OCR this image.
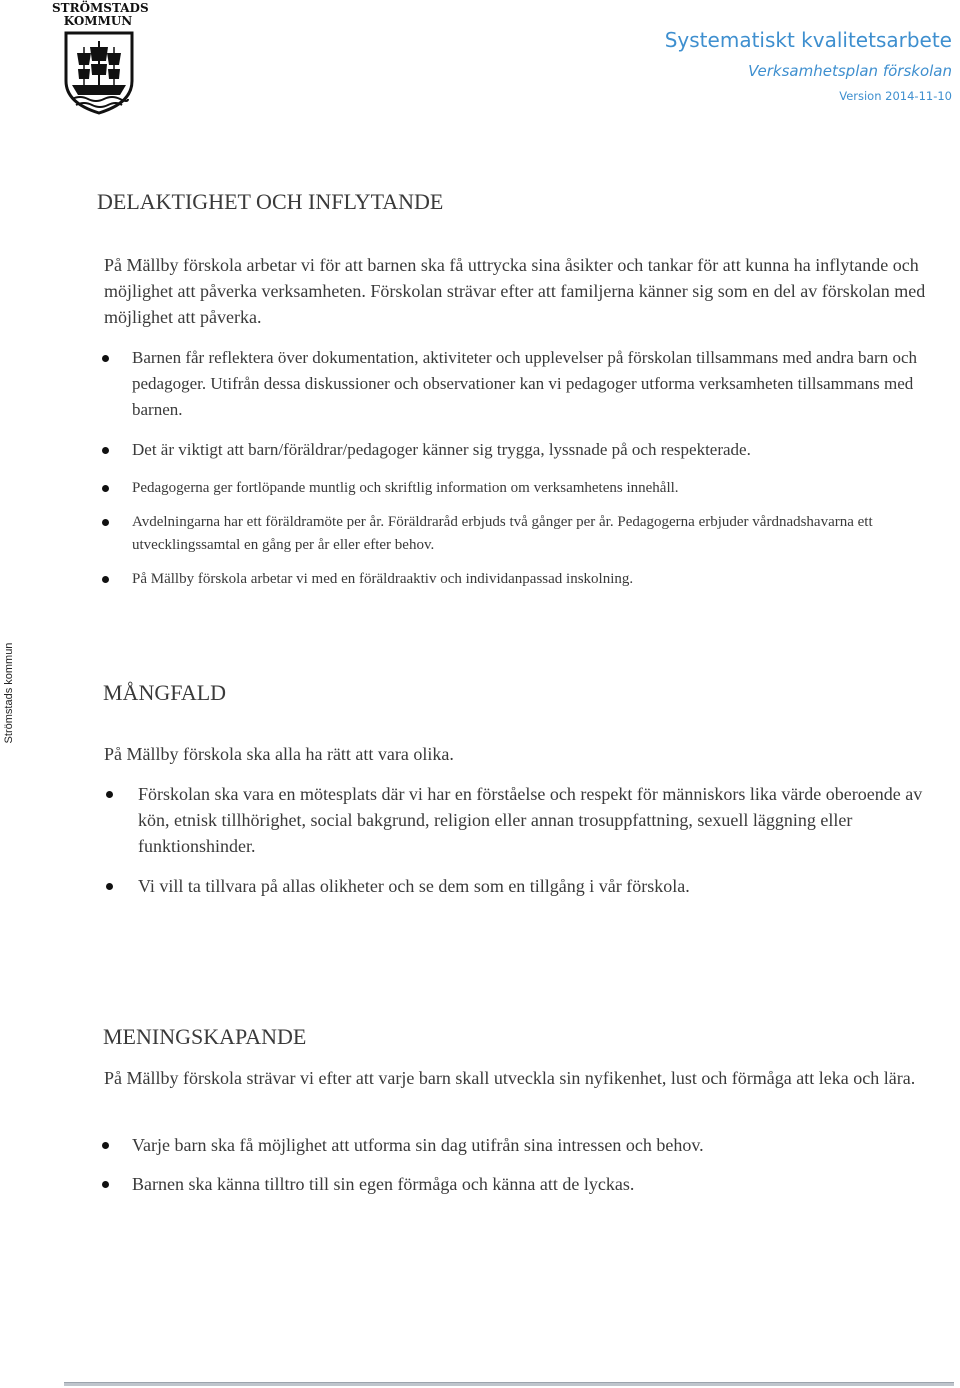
STRÖMSTADS
KOMMUN
Systematiskt kvalitetsarbete
Verksamhetsplan förskolan
Version 2014-11-10
Strömstads kommun
DELAKTIGHET OCH INFLYTANDE

På Mällby förskola arbetar vi för att barnen ska få uttrycka sina åsikter och tankar för att kunna ha inflytande och möjlighet att påverka verksamheten. Förskolan strävar efter att familjerna känner sig som en del av förskolan med möjlighet att påverka.

Barnen får reflektera över dokumentation, aktiviteter och upplevelser på förskolan tillsammans med andra barn och pedagoger. Utifrån dessa diskussioner och observationer kan vi pedagoger utforma verksamheten tillsammans med barnen.
Det är viktigt att barn/föräldrar/pedagoger känner sig trygga, lyssnade på och respekterade.
Pedagogerna ger fortlöpande muntlig och skriftlig information om verksamhetens innehåll.
Avdelningarna har ett föräldramöte per år. Föräldraråd erbjuds två gånger per år. Pedagogerna erbjuder vårdnadshavarna ett utvecklingssamtal en gång per år eller efter behov.
På Mällby förskola arbetar vi med en föräldraaktiv och individanpassad inskolning.
MÅNGFALD

På Mällby förskola ska alla ha rätt att vara olika.

Förskolan ska vara en mötesplats där vi har en förståelse och respekt för människors lika värde oberoende av kön, etnisk tillhörighet, social bakgrund, religion eller annan trosuppfattning, sexuell läggning eller funktionshinder.
Vi vill ta tillvara på allas olikheter och se dem som en tillgång i vår förskola.
MENINGSKAPANDE

På Mällby förskola strävar vi efter att varje barn skall utveckla sin nyfikenhet, lust och förmåga att leka och lära.

Varje barn ska få möjlighet att utforma sin dag utifrån sina intressen och behov.
Barnen ska känna tilltro till sin egen förmåga och känna att de lyckas.
